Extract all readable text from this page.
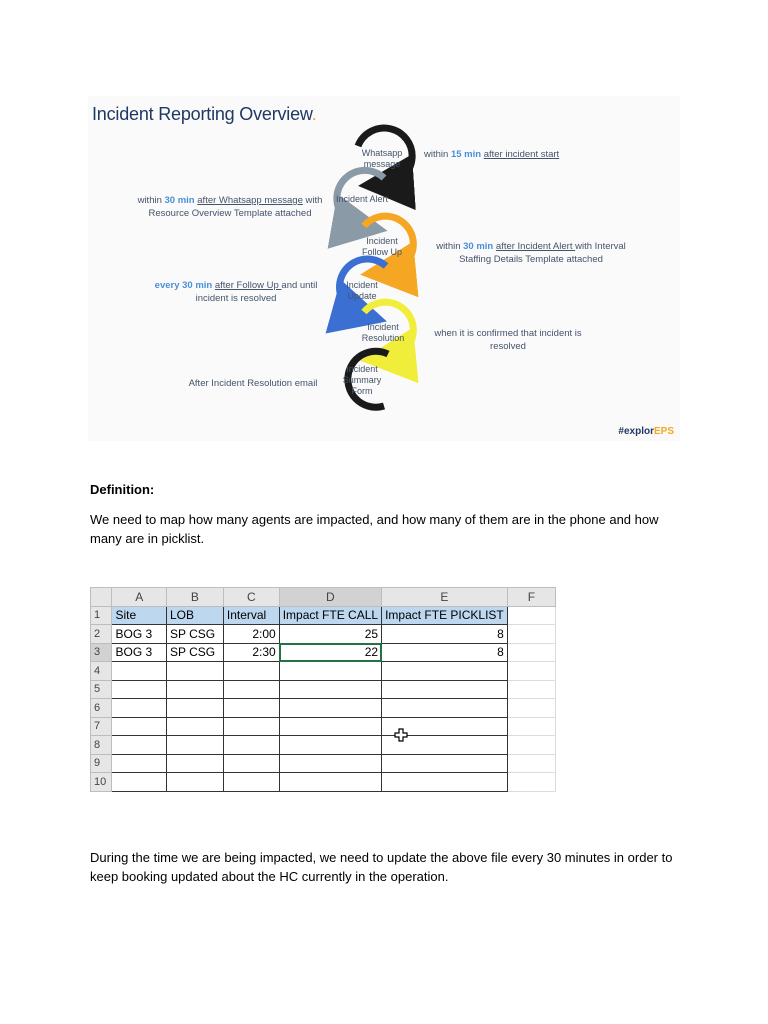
Incident Reporting Overview.
Whatsapp message
Incident Alert
Incident Follow Up
Incident Update
Incident Resolution
Incident Summary Form
within 15 min after incident start
within 30 min after Whatsapp message with Resource Overview Template attached
within 30 min after Incident Alert with Interval Staffing Details Template attached
every 30 min after Follow Up and until incident is resolved
when it is confirmed that incident is resolved
After Incident Resolution email
#explorEPS
Definition:
We need to map how many agents are impacted, and how many of them are in the phone and how many are in picklist.
	A	B	C	D	E	F
1	Site	LOB	Interval	Impact FTE CALL	Impact FTE PICKLIST	
2	BOG 3	SP CSG	2:00	25	8	
3	BOG 3	SP CSG	2:30	22	8	
4						
5						
6						
7						
8						
9						
10						
During the time we are being impacted, we need to update the above file every 30 minutes in order to keep booking updated about the HC currently in the operation.
